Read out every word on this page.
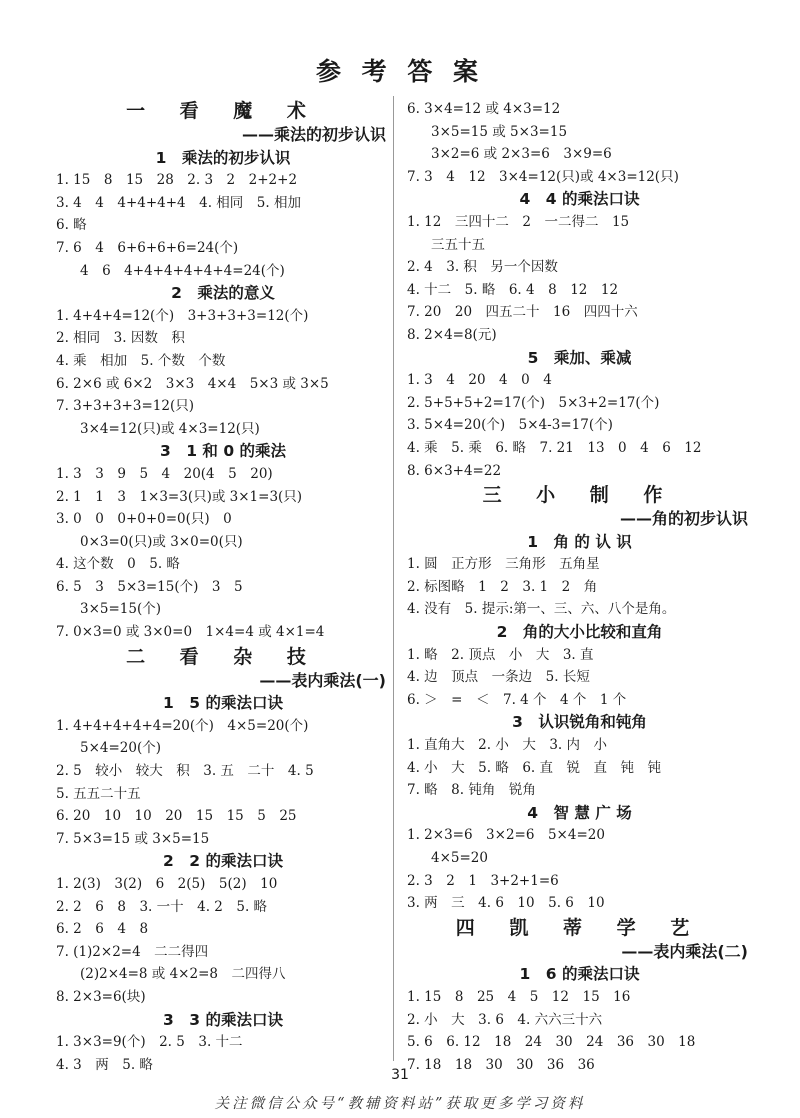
参 考 答 案
一 看 魔 术
——乘法的初步认识
1　乘法的初步认识
1. 15　8　15　28　2. 3　2　2+2+2
3. 4　4　4+4+4+4　4. 相同　5. 相加
6. 略
7. 6　4　6+6+6+6=24(个)
4　6　4+4+4+4+4+4=24(个)
2　乘法的意义
1. 4+4+4=12(个)　3+3+3+3=12(个)
2. 相同　3. 因数　积
4. 乘　相加　5. 个数　个数
6. 2×6 或 6×2　3×3　4×4　5×3 或 3×5
7. 3+3+3+3=12(只)
3×4=12(只)或 4×3=12(只)
3　1 和 0 的乘法
1. 3　3　9　5　4　20(4　5　20)
2. 1　1　3　1×3=3(只)或 3×1=3(只)
3. 0　0　0+0+0=0(只)　0
0×3=0(只)或 3×0=0(只)
4. 这个数　0　5. 略
6. 5　3　5×3=15(个)　3　5
3×5=15(个)
7. 0×3=0 或 3×0=0　1×4=4 或 4×1=4
二 看 杂 技
——表内乘法(一)
1　5 的乘法口诀
1. 4+4+4+4+4=20(个)　4×5=20(个)
5×4=20(个)
2. 5　较小　较大　积　3. 五　二十　4. 5
5. 五五二十五
6. 20　10　10　20　15　15　5　25
7. 5×3=15 或 3×5=15
2　2 的乘法口诀
1. 2(3)　3(2)　6　2(5)　5(2)　10
2. 2　6　8　3. 一十　4. 2　5. 略
6. 2　6　4　8
7. (1)2×2=4　二二得四
(2)2×4=8 或 4×2=8　二四得八
8. 2×3=6(块)
3　3 的乘法口诀
1. 3×3=9(个)　2. 5　3. 十二
4. 3　两　5. 略
6. 3×4=12 或 4×3=12
3×5=15 或 5×3=15
3×2=6 或 2×3=6　3×9=6
7. 3　4　12　3×4=12(只)或 4×3=12(只)
4　4 的乘法口诀
1. 12　三四十二　2　一二得二　15
三五十五
2. 4　3. 积　另一个因数
4. 十二　5. 略　6. 4　8　12　12
7. 20　20　四五二十　16　四四十六
8. 2×4=8(元)
5　乘加、乘减
1. 3　4　20　4　0　4
2. 5+5+5+2=17(个)　5×3+2=17(个)
3. 5×4=20(个)　5×4-3=17(个)
4. 乘　5. 乘　6. 略　7. 21　13　0　4　6　12
8. 6×3+4=22
三 小 制 作
——角的初步认识
1　角 的 认 识
1. 圆　正方形　三角形　五角星
2. 标图略　1　2　3. 1　2　角
4. 没有　5. 提示:第一、三、六、八个是角。
2　角的大小比较和直角
1. 略　2. 顶点　小　大　3. 直
4. 边　顶点　一条边　5. 长短
6. ＞　=　＜　7. 4 个　4 个　1 个
3　认识锐角和钝角
1. 直角大　2. 小　大　3. 内　小
4. 小　大　5. 略　6. 直　锐　直　钝　钝
7. 略　8. 钝角　锐角
4　智 慧 广 场
1. 2×3=6　3×2=6　5×4=20
4×5=20
2. 3　2　1　3+2+1=6
3. 两　三　4. 6　10　5. 6　10
四 凯 蒂 学 艺
——表内乘法(二)
1　6 的乘法口诀
1. 15　8　25　4　5　12　15　16
2. 小　大　3. 6　4. 六六三十六
5. 6　6. 12　18　24　30　24　36　30　18
7. 18　18　30　30　36　36
31
关注微信公众号“教辅资料站”获取更多学习资料
